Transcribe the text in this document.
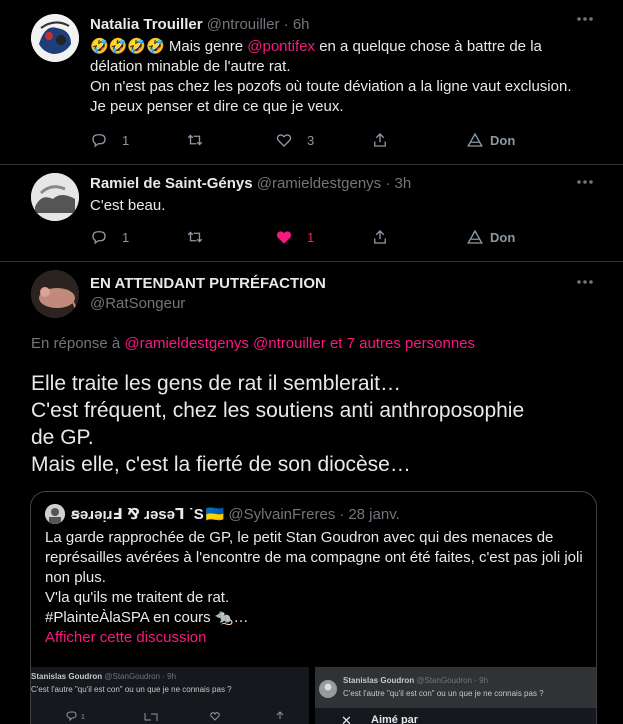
Natalia Trouiller @ntrouiller · 6h
🤣🤣🤣🤣 Mais genre @pontifex en a quelque chose à battre de la
délation minable de l'autre rat.
On n'est pas chez les pozofs où toute déviation a la ligne vaut exclusion.
Je peux penser et dire ce que je veux.
1	3	Don
Ramiel de Saint-Génys @ramieldestgenys · 3h
C'est beau.
1	1	Don
EN ATTENDANT PUTRÉFACTION
@RatSongeur
En réponse à @ramieldestgenys @ntrouiller et 7 autres personnes
Elle traite les gens de rat il semblerait…
C'est fréquent, chez les soutiens anti anthroposophie
de GP.
Mais elle, c'est la fierté de son diocèse…
ꞩǝɹǝᴉɹℲ ⅋ ɹǝsǝꞀ ˙S 🇺🇦 @SylvainFreres · 28 janv.
La garde rapprochée de GP, le petit Stan Goudron avec qui des menaces de
représailles avérées à l'encontre de ma compagne ont été faites, c'est pas joli joli
non plus.
V'la qu'ils me traitent de rat.
#PlainteÀlaSPA en cours 🐀…
Afficher cette discussion
Stanislas Goudron @StanGoudron · 9h
C'est l'autre "qu'il est con" ou un que je ne connais pas ?
1
Stanislas Goudron @StanGoudron · 9h
C'est l'autre "qu'il est con" ou un que je ne connais pas ?
✕ Aimé par
